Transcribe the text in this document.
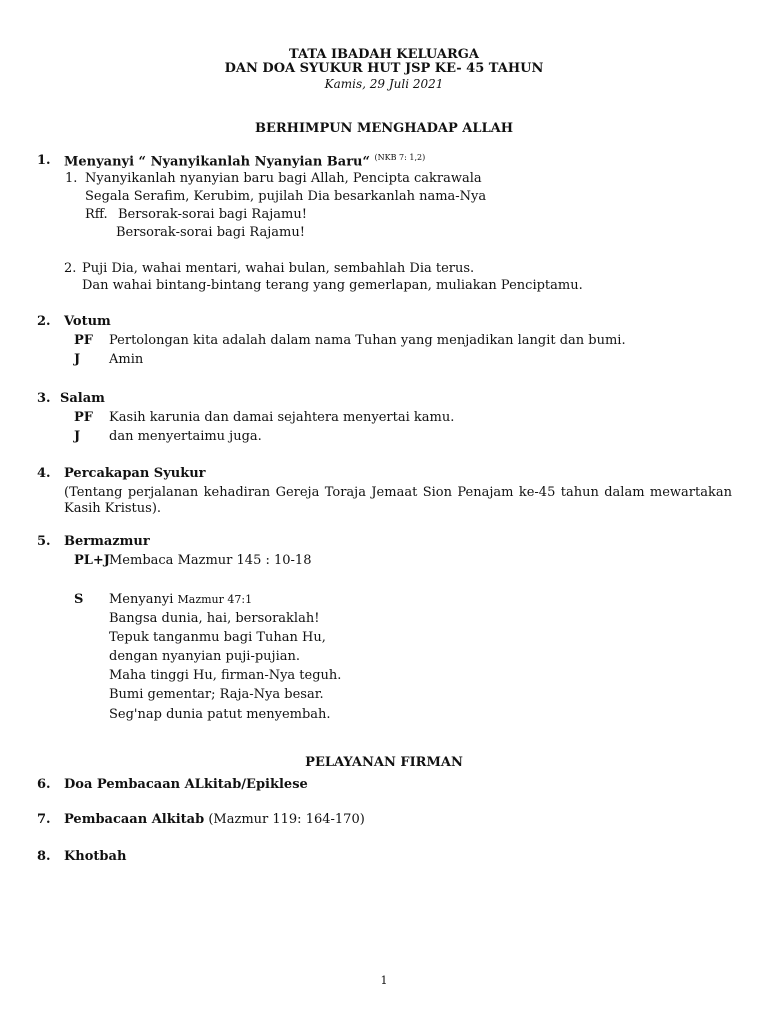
TATA IBADAH KELUARGA
DAN DOA SYUKUR HUT JSP KE- 45 TAHUN
Kamis, 29 Juli 2021
BERHIMPUN MENGHADAP ALLAH
1. Menyanyi “ Nyanyikanlah Nyanyian Baru“ $^{(NKB 7: 1,2)}$
1. Nyanyikanlah nyanyian baru bagi Allah, Pencipta cakrawala
Segala Serafim, Kerubim, pujilah Dia besarkanlah nama-Nya
Rff. Bersorak-sorai bagi Rajamu!
Bersorak-sorai bagi Rajamu!
2. Puji Dia, wahai mentari, wahai bulan, sembahlah Dia terus.
Dan wahai bintang-bintang terang yang gemerlapan, muliakan Penciptamu.
2. Votum
PF Pertolongan kita adalah dalam nama Tuhan yang menjadikan langit dan bumi.
J Amin
3. Salam
PF Kasih karunia dan damai sejahtera menyertai kamu.
J dan menyertaimu juga.
4. Percakapan Syukur
(Tentang perjalanan kehadiran Gereja Toraja Jemaat Sion Penajam ke-45 tahun dalam mewartakan Kasih Kristus).
5. Bermazmur
PL+J Membaca Mazmur 145 : 10-18
S Menyanyi Mazmur 47:1
Bangsa dunia, hai, bersoraklah!
Tepuk tanganmu bagi Tuhan Hu,
dengan nyanyian puji-pujian.
Maha tinggi Hu, firman-Nya teguh.
Bumi gementar; Raja-Nya besar.
Seg'nap dunia patut menyembah.
PELAYANAN FIRMAN
6. Doa Pembacaan ALkitab/Epiklese
7. Pembacaan Alkitab (Mazmur 119: 164-170)
8. Khotbah
1
